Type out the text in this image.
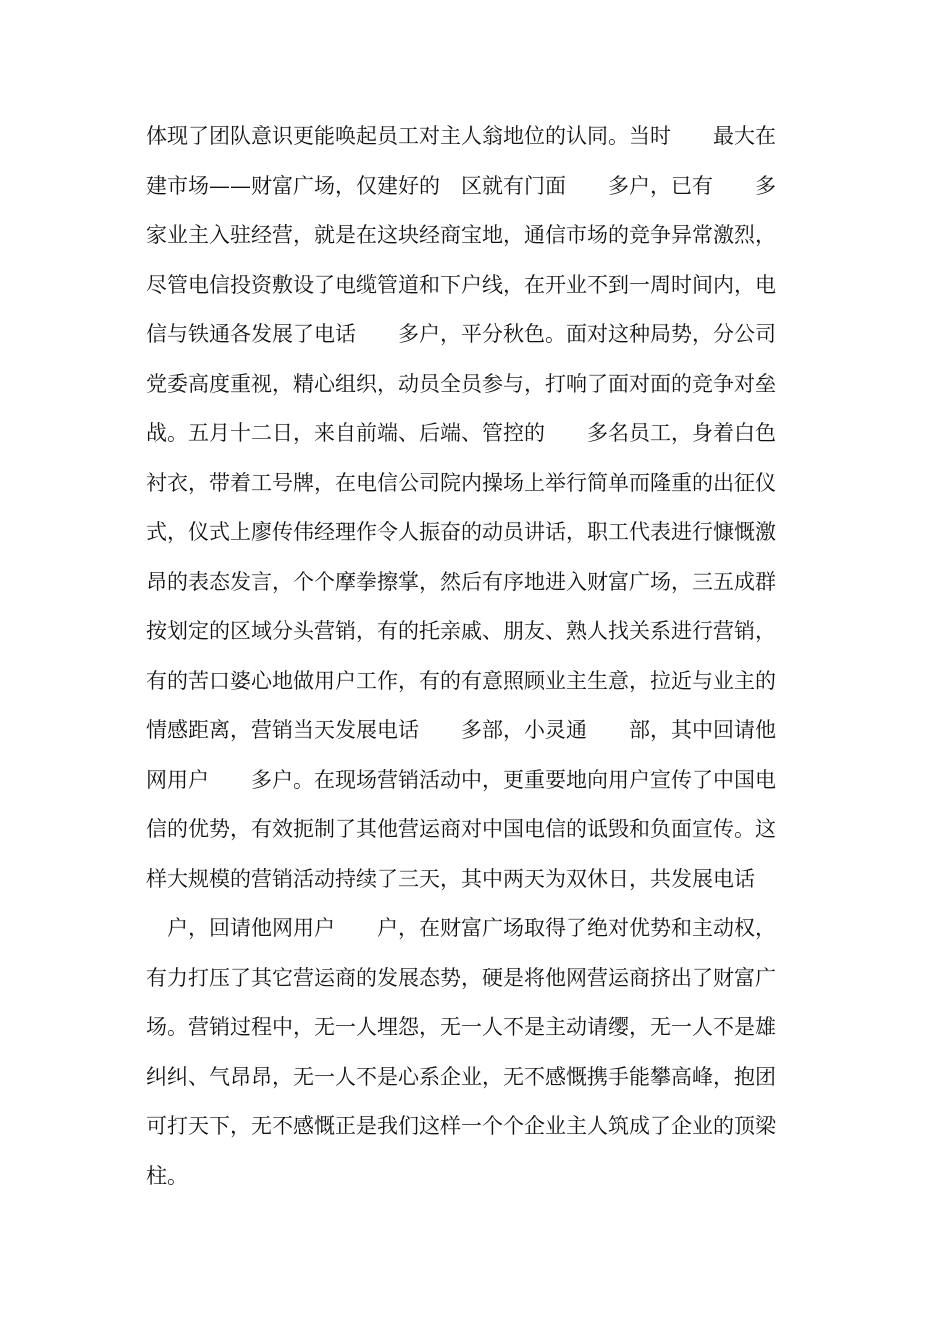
体现了团队意识更能唤起员工对主人翁地位的认同。当时　　最大在
建市场——财富广场，仅建好的　区就有门面　　多户，已有　　多
家业主入驻经营，就是在这块经商宝地，通信市场的竞争异常激烈，
尽管电信投资敷设了电缆管道和下户线，在开业不到一周时间内，电
信与铁通各发展了电话　　多户，平分秋色。面对这种局势，分公司
党委高度重视，精心组织，动员全员参与，打响了面对面的竞争对垒
战。五月十二日，来自前端、后端、管控的　　多名员工，身着白色
衬衣，带着工号牌，在电信公司院内操场上举行简单而隆重的出征仪
式，仪式上廖传伟经理作令人振奋的动员讲话，职工代表进行慷慨激
昂的表态发言，个个摩拳擦掌，然后有序地进入财富广场，三五成群
按划定的区域分头营销，有的托亲戚、朋友、熟人找关系进行营销，
有的苦口婆心地做用户工作，有的有意照顾业主生意，拉近与业主的
情感距离，营销当天发展电话　　多部，小灵通　　部，其中回请他
网用户　　多户。在现场营销活动中，更重要地向用户宣传了中国电
信的优势，有效扼制了其他营运商对中国电信的诋毁和负面宣传。这
样大规模的营销活动持续了三天，其中两天为双休日，共发展电话
　户，回请他网用户　　户，在财富广场取得了绝对优势和主动权，
有力打压了其它营运商的发展态势，硬是将他网营运商挤出了财富广
场。营销过程中，无一人埋怨，无一人不是主动请缨，无一人不是雄
纠纠、气昂昂，无一人不是心系企业，无不感慨携手能攀高峰，抱团
可打天下，无不感慨正是我们这样一个个企业主人筑成了企业的顶梁
柱。
